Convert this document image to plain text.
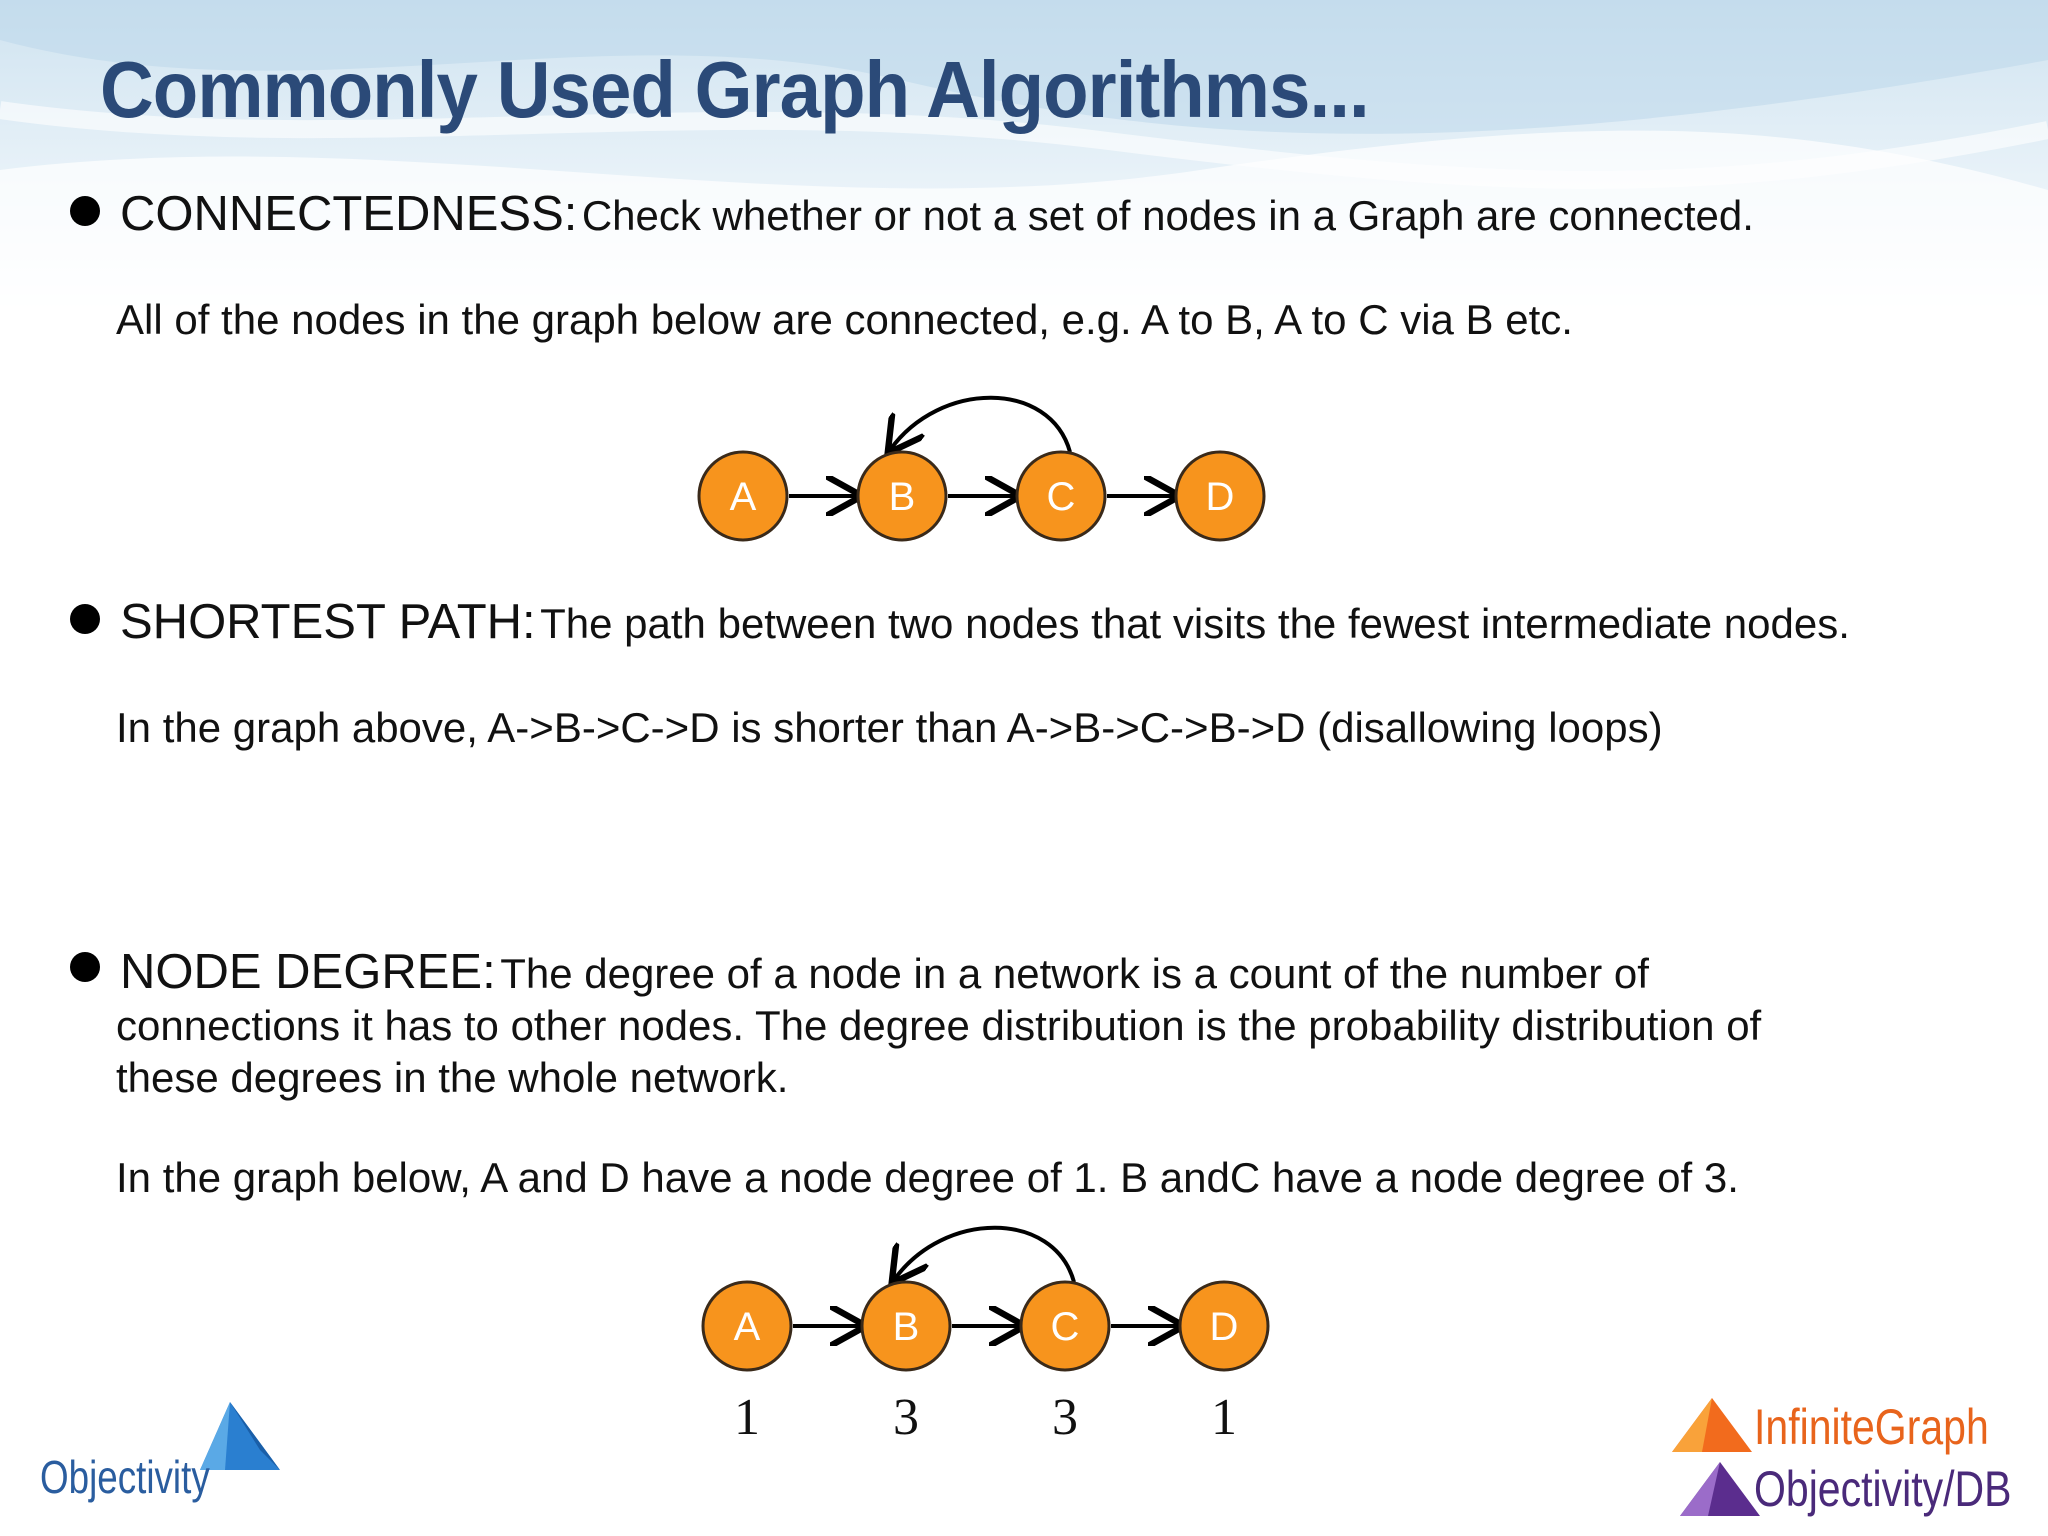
Commonly Used Graph Algorithms...
CONNECTEDNESS: Check whether or not a set of nodes in a Graph are connected.
All of the nodes in the graph below are connected, e.g. A to B, A to C via B etc.
A	B	C	D
SHORTEST PATH: The path between two nodes that visits the fewest intermediate nodes.
In the graph above, A->B->C->D is shorter than A->B->C->B->D (disallowing loops)
NODE DEGREE: The degree of a node in a network is a count of the number of
connections it has to other nodes. The degree distribution is the probability distribution of
these degrees in the whole network.
In the graph below, A and D have a node degree of 1. B andC have a node degree of 3.
A	B	C	D
1	3	3	1
Objectivity
InfiniteGraph
Objectivity/DB
